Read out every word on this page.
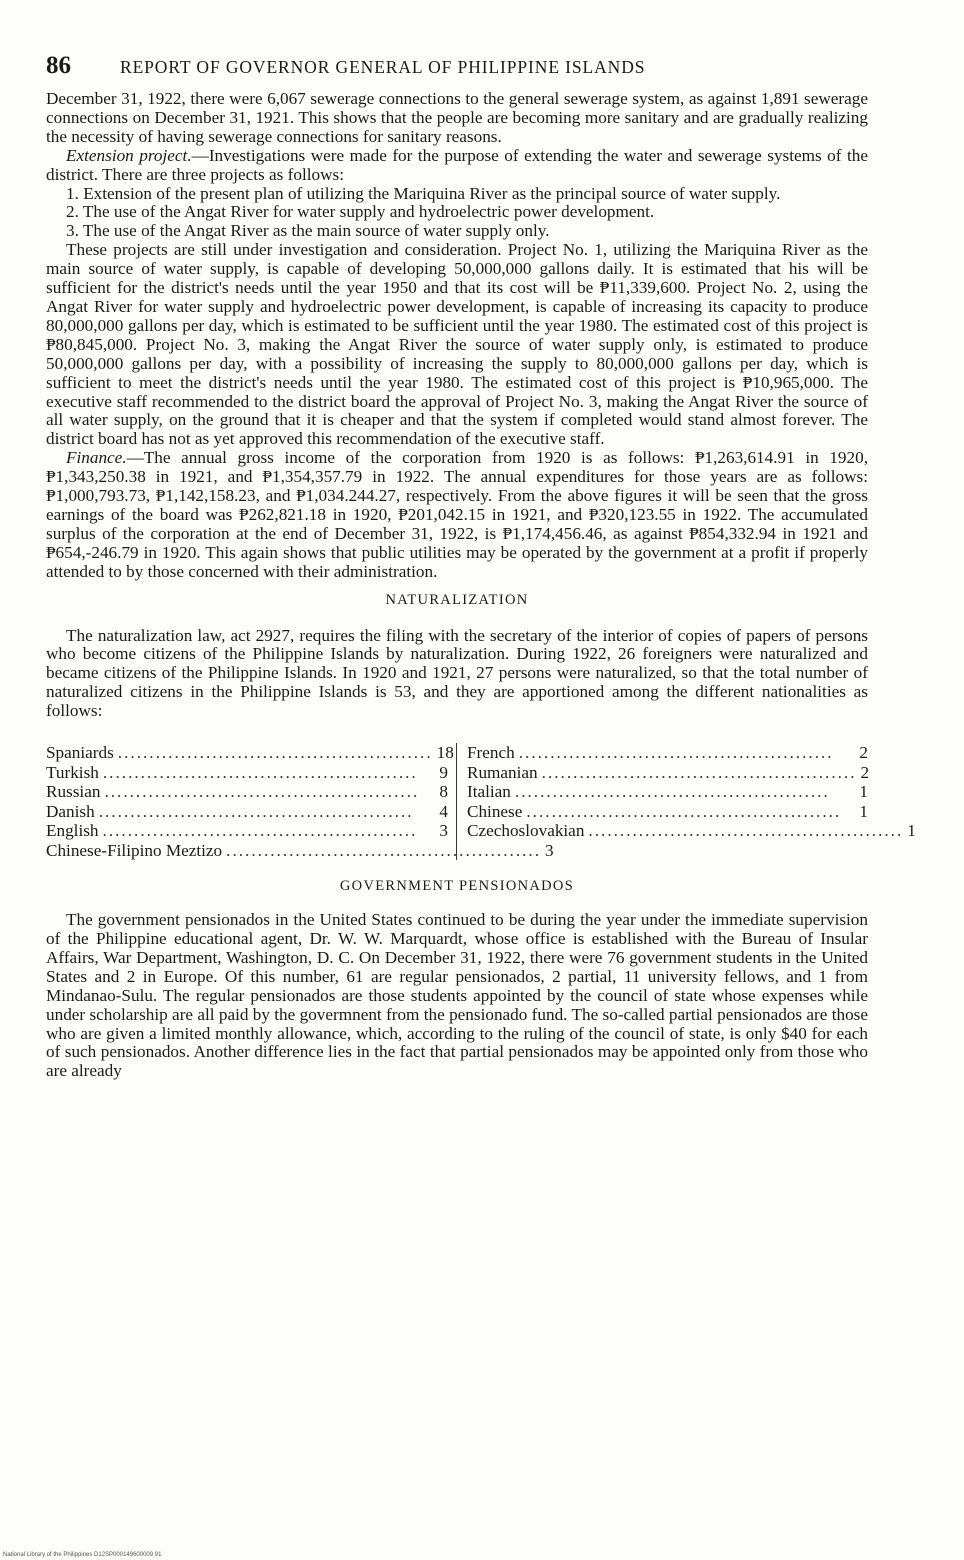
86	REPORT OF GOVERNOR GENERAL OF PHILIPPINE ISLANDS

December 31, 1922, there were 6,067 sewerage connections to the general sewerage system, as against 1,891 sewerage connections on December 31, 1921. This shows that the people are becoming more sanitary and are gradually realizing the necessity of having sewerage connections for sanitary reasons.

Extension project.—Investigations were made for the purpose of extending the water and sewerage systems of the district. There are three projects as follows:

1. Extension of the present plan of utilizing the Mariquina River as the principal source of water supply.

2. The use of the Angat River for water supply and hydroelectric power development.

3. The use of the Angat River as the main source of water supply only.

These projects are still under investigation and consideration. Project No. 1, utilizing the Mariquina River as the main source of water supply, is capable of developing 50,000,000 gallons daily. It is estimated that his will be sufficient for the district's needs until the year 1950 and that its cost will be ₱11,339,600. Project No. 2, using the Angat River for water supply and hydroelectric power development, is capable of increasing its capacity to produce 80,000,000 gallons per day, which is estimated to be sufficient until the year 1980. The estimated cost of this project is ₱80,845,000. Project No. 3, making the Angat River the source of water supply only, is estimated to produce 50,000,000 gallons per day, with a possibility of increasing the supply to 80,000,000 gallons per day, which is sufficient to meet the district's needs until the year 1980. The estimated cost of this project is ₱10,965,000. The executive staff recommended to the district board the approval of Project No. 3, making the Angat River the source of all water supply, on the ground that it is cheaper and that the system if completed would stand almost forever. The district board has not as yet approved this recommendation of the executive staff.

Finance.—The annual gross income of the corporation from 1920 is as follows: ₱1,263,614.91 in 1920, ₱1,343,250.38 in 1921, and ₱1,354,357.79 in 1922. The annual expenditures for those years are as follows: ₱1,000,793.73, ₱1,142,158.23, and ₱1,034.244.27, respectively. From the above figures it will be seen that the gross earnings of the board was ₱262,821.18 in 1920, ₱201,042.15 in 1921, and ₱320,123.55 in 1922. The accumulated surplus of the corporation at the end of December 31, 1922, is ₱1,174,456.46, as against ₱854,332.94 in 1921 and ₱654,-246.79 in 1920. This again shows that public utilities may be operated by the government at a profit if properly attended to by those concerned with their administration.

NATURALIZATION

The naturalization law, act 2927, requires the filing with the secretary of the interior of copies of papers of persons who become citizens of the Philippine Islands by naturalization. During 1922, 26 foreigners were naturalized and became citizens of the Philippine Islands. In 1920 and 1921, 27 persons were naturalized, so that the total number of naturalized citizens in the Philippine Islands is 53, and they are apportioned among the different nationalities as follows:

Spaniards .................................................. 18
Turkish ..................................................	9
Russian ..................................................	8
Danish ..................................................	4
English ..................................................	3
Chinese-Filipino Meztizo .................................................. 3
French ..................................................	2
Rumanian .................................................. 2
Italian ..................................................	1
Chinese ..................................................	1
Czechoslovakian .................................................. 1
GOVERNMENT PENSIONADOS

The government pensionados in the United States continued to be during the year under the immediate supervision of the Philippine educational agent, Dr. W. W. Marquardt, whose office is established with the Bureau of Insular Affairs, War Department, Washington, D. C. On December 31, 1922, there were 76 government students in the United States and 2 in Europe. Of this number, 61 are regular pensionados, 2 partial, 11 university fellows, and 1 from Mindanao-Sulu. The regular pensionados are those students appointed by the council of state whose expenses while under scholarship are all paid by the govermnent from the pensionado fund. The so-called partial pensionados are those who are given a limited monthly allowance, which, according to the ruling of the council of state, is only $40 for each of such pensionados. Another difference lies in the fact that partial pensionados may be appointed only from those who are already

National Library of the Philippines D12SP000149600009 91
